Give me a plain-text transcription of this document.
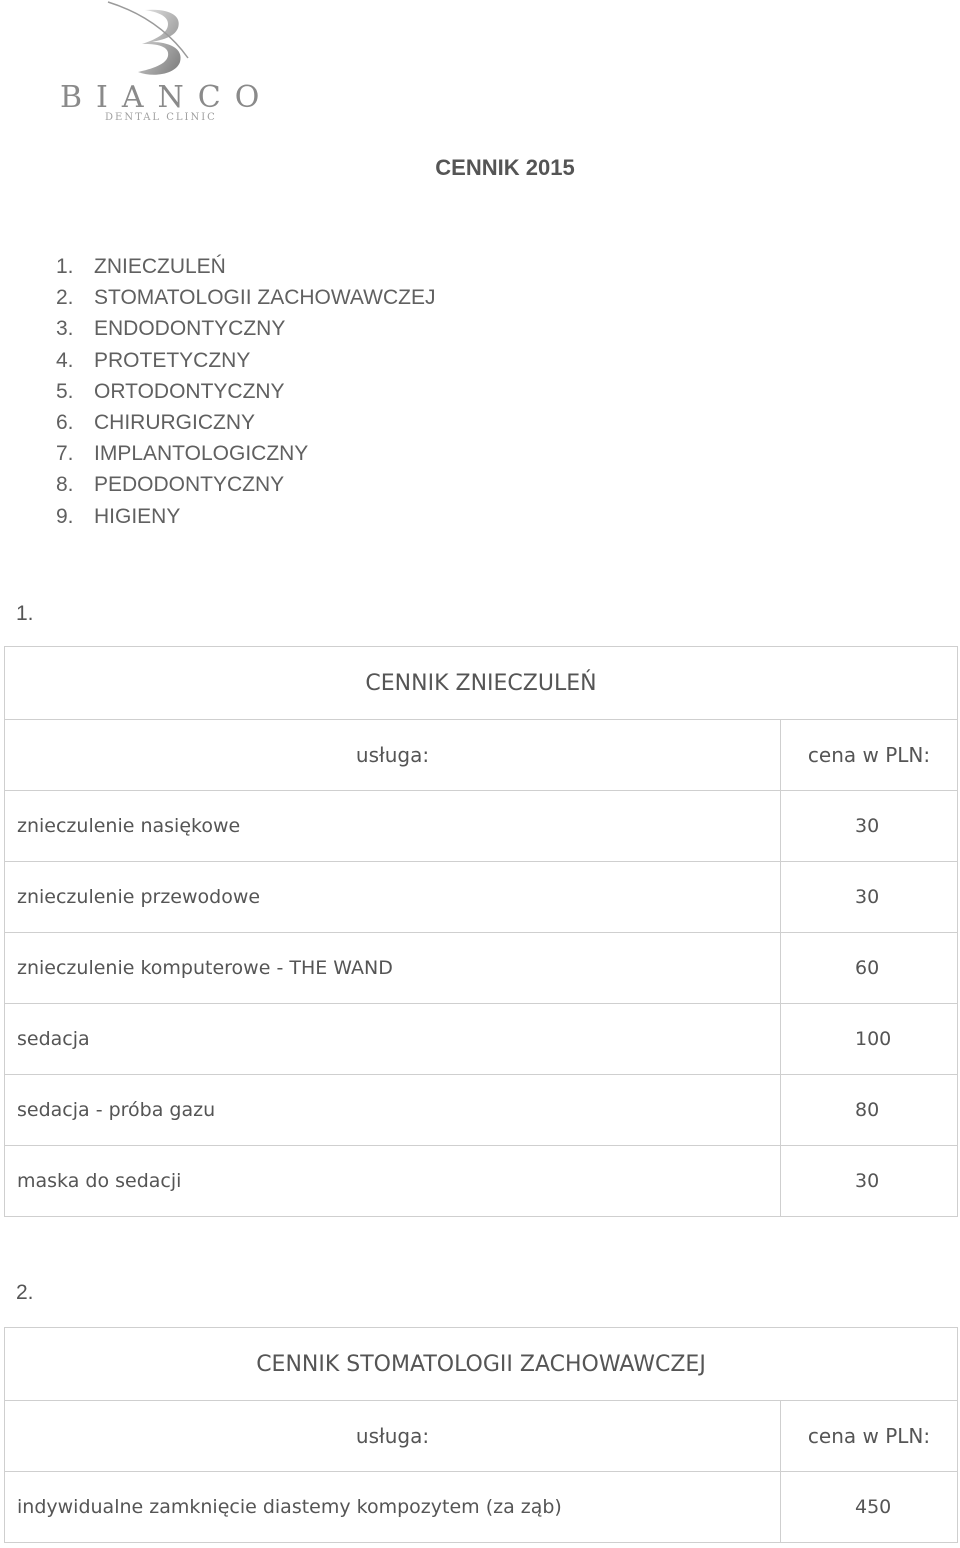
BIANCO
DENTAL CLINIC
CENNIK 2015
1. ZNIECZULEŃ
2. STOMATOLOGII ZACHOWAWCZEJ
3. ENDODONTYCZNY
4. PROTETYCZNY
5. ORTODONTYCZNY
6. CHIRURGICZNY
7. IMPLANTOLOGICZNY
8. PEDODONTYCZNY
9. HIGIENY
1.
CENNIK ZNIECZULEŃ	
usługa:	cena w PLN:
znieczulenie nasiękowe	30
znieczulenie przewodowe	30
znieczulenie komputerowe - THE WAND	60
sedacja	100
sedacja - próba gazu	80
maska do sedacji	30
2.
CENNIK STOMATOLOGII ZACHOWAWCZEJ	
usługa:	cena w PLN:
indywidualne zamknięcie diastemy kompozytem (za ząb)	450
